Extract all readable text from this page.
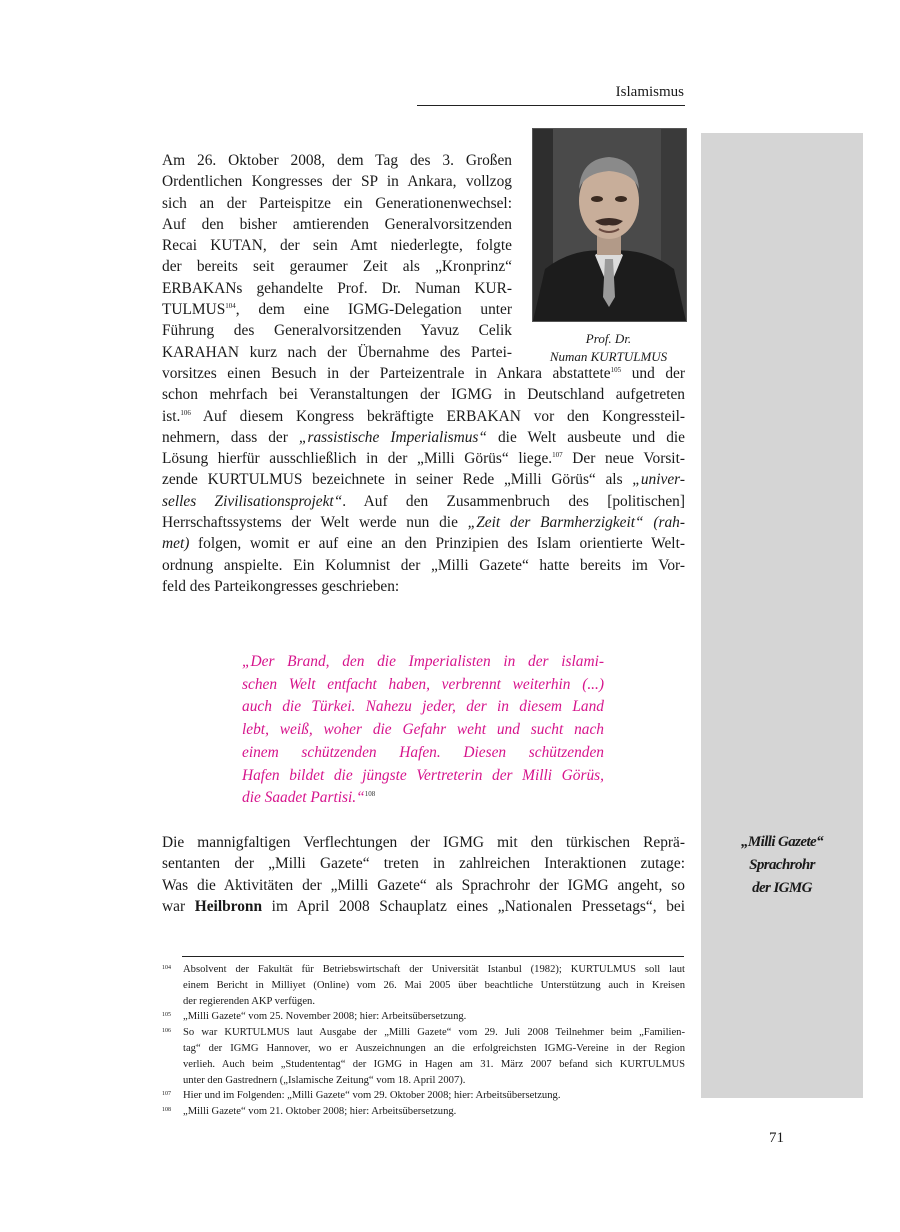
Islamismus
„Milli Gazete“
Sprachrohr
der IGMG
Prof. Dr.
Numan KURTULMUS
Am 26. Oktober 2008, dem Tag des 3. Großen
Ordentlichen Kongresses der SP in Ankara, vollzog
sich an der Parteispitze ein Generationenwechsel:
Auf den bisher amtierenden Generalvorsitzenden
Recai KUTAN, der sein Amt niederlegte, folgte
der bereits seit geraumer Zeit als „Kronprinz“
ERBAKANs gehandelte Prof. Dr. Numan KUR-
TULMUS$^{104}$, dem eine IGMG-Delegation unter
Führung des Generalvorsitzenden Yavuz Celik
KARAHAN kurz nach der Übernahme des Partei-
vorsitzes einen Besuch in der Parteizentrale in Ankara abstattete$^{105}$ und der
schon mehrfach bei Veranstaltungen der IGMG in Deutschland aufgetreten
ist.$^{106}$ Auf diesem Kongress bekräftigte ERBAKAN vor den Kongressteil-
nehmern, dass der „rassistische Imperialismus“ die Welt ausbeute und die
Lösung hierfür ausschließlich in der „Milli Görüs“ liege.$^{107}$ Der neue Vorsit-
zende KURTULMUS bezeichnete in seiner Rede „Milli Görüs“ als „univer-
selles Zivilisationsprojekt“. Auf den Zusammenbruch des [politischen]
Herrschaftssystems der Welt werde nun die „Zeit der Barmherzigkeit“ (rah-
met) folgen, womit er auf eine an den Prinzipien des Islam orientierte Welt-
ordnung anspielte. Ein Kolumnist der „Milli Gazete“ hatte bereits im Vor-
feld des Parteikongresses geschrieben:
„Der Brand, den die Imperialisten in der islami-
schen Welt entfacht haben, verbrennt weiterhin (...)
auch die Türkei. Nahezu jeder, der in diesem Land
lebt, weiß, woher die Gefahr weht und sucht nach
einem schützenden Hafen. Diesen schützenden
Hafen bildet die jüngste Vertreterin der Milli Görüs,
die Saadet Partisi.“$^{108}$
Die mannigfaltigen Verflechtungen der IGMG mit den türkischen Reprä-
sentanten der „Milli Gazete“ treten in zahlreichen Interaktionen zutage:
Was die Aktivitäten der „Milli Gazete“ als Sprachrohr der IGMG angeht, so
war Heilbronn im April 2008 Schauplatz eines „Nationalen Pressetags“, bei
104 Absolvent der Fakultät für Betriebswirtschaft der Universität Istanbul (1982); KURTULMUS soll laut
einem Bericht in Milliyet (Online) vom 26. Mai 2005 über beachtliche Unterstützung auch in Kreisen
der regierenden AKP verfügen.
105 „Milli Gazete“ vom 25. November 2008; hier: Arbeitsübersetzung.
106 So war KURTULMUS laut Ausgabe der „Milli Gazete“ vom 29. Juli 2008 Teilnehmer beim „Familien-
tag“ der IGMG Hannover, wo er Auszeichnungen an die erfolgreichsten IGMG-Vereine in der Region
verlieh. Auch beim „Studententag“ der IGMG in Hagen am 31. März 2007 befand sich KURTULMUS
unter den Gastrednern („Islamische Zeitung“ vom 18. April 2007).
107 Hier und im Folgenden: „Milli Gazete“ vom 29. Oktober 2008; hier: Arbeitsübersetzung.
108 „Milli Gazete“ vom 21. Oktober 2008; hier: Arbeitsübersetzung.
71
